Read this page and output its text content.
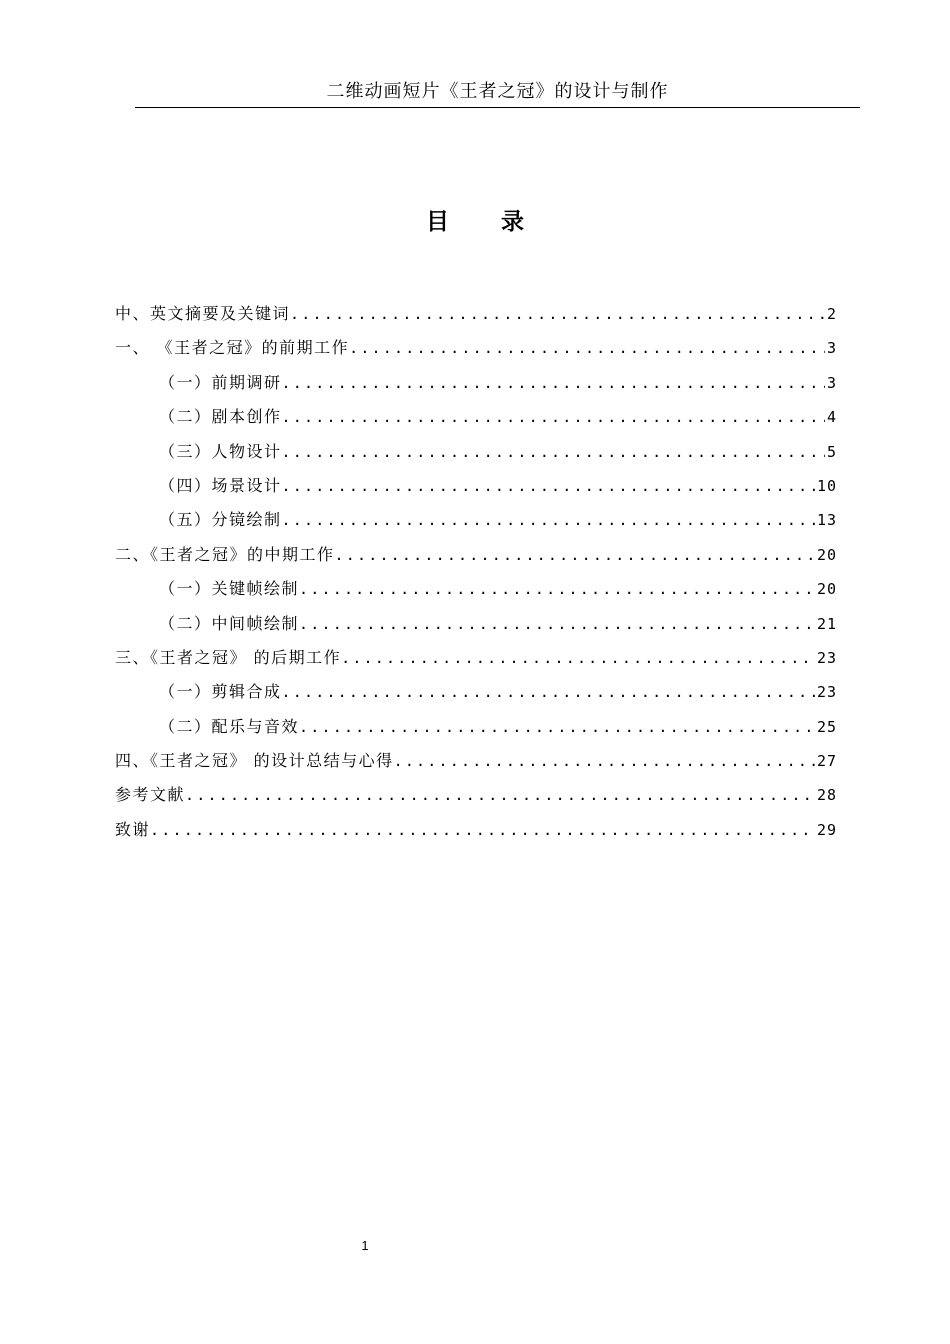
二维动画短片《王者之冠》的设计与制作
目 录
中、英文摘要及关键词 .....	2
一、 《王者之冠》的前期工作 .....	3
（一）前期调研 .....	3
（二）剧本创作 .....	4
（三）人物设计 .....	5
（四）场景设计 .....	10
（五）分镜绘制 .....	13
二、《王者之冠》的中期工作 .....	20
（一）关键帧绘制 .....	20
（二）中间帧绘制 .....	21
三、《王者之冠》 的后期工作 .....	23
（一）剪辑合成 .....	23
（二）配乐与音效 .....	25
四、《王者之冠》 的设计总结与心得 .....	27
参考文献 .....	28
致谢 .....	29
1
